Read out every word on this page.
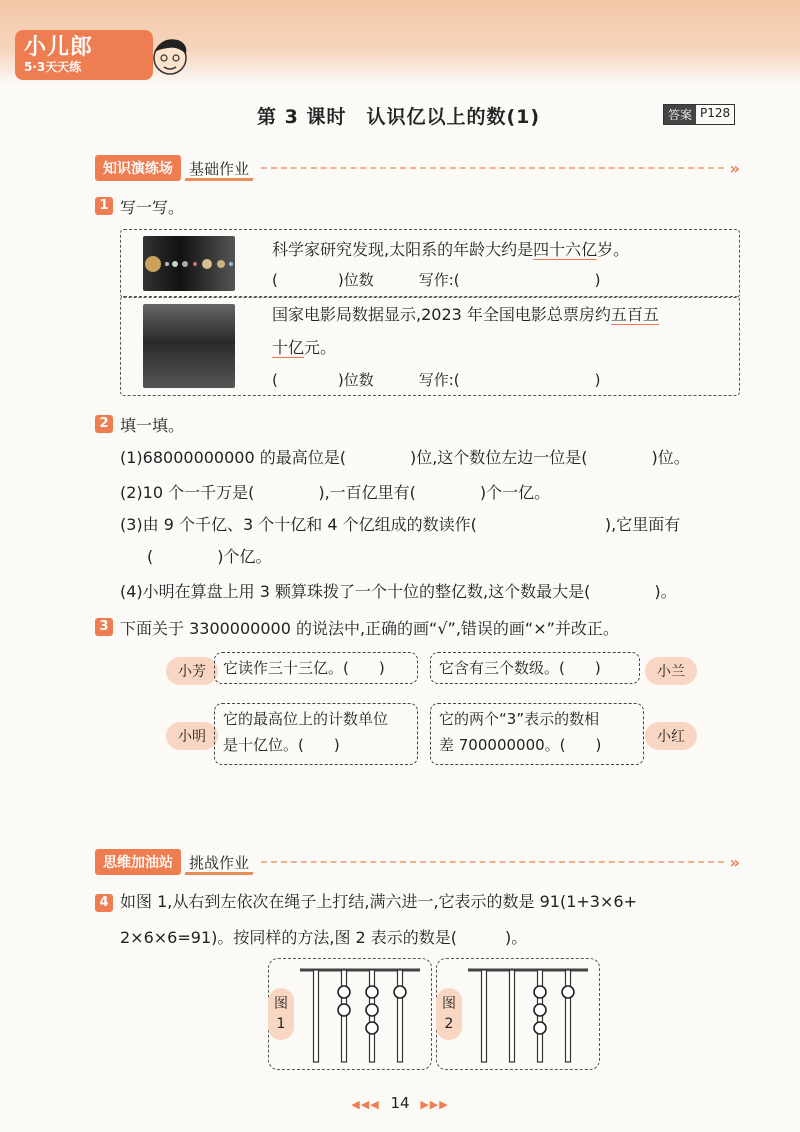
小儿郎
5·3天天练
第 3 课时　认识亿以上的数(1)	答案 P128
知识演练场	基础作业	»
1 写一写。
科学家研究发现,太阳系的年龄大约是四十六亿岁。
(　　　　)位数　　　写作:(　　　　　　　　　)
国家电影局数据显示,2023 年全国电影总票房约五百五
十亿元。
(　　　　)位数　　　写作:(　　　　　　　　　)
2 填一填。
(1)68000000000 的最高位是(　　　　)位,这个数位左边一位是(　　　　)位。
(2)10 个一千万是(　　　　),一百亿里有(　　　　)个一亿。
(3)由 9 个千亿、3 个十亿和 4 个亿组成的数读作(　　　　　　　　),它里面有
(　　　　)个亿。
(4)小明在算盘上用 3 颗算珠拨了一个十位的整亿数,这个数最大是(　　　　)。
3 下面关于 3300000000 的说法中,正确的画“√”,错误的画“×”并改正。
小芳	它读作三十三亿。(　　)	它含有三个数级。(　　)	小兰
小明
它的最高位上的计数单位
是十亿位。(　　)
它的两个“3”表示的数相
差 700000000。(　　)	小红
思维加油站	挑战作业	»
4 如图 1,从右到左依次在绳子上打结,满六进一,它表示的数是 91(1+3×6+
2×6×6=91)。按同样的方法,图 2 表示的数是(　　　)。
图
1
图
2
◀◀◀ 14 ▶▶▶
